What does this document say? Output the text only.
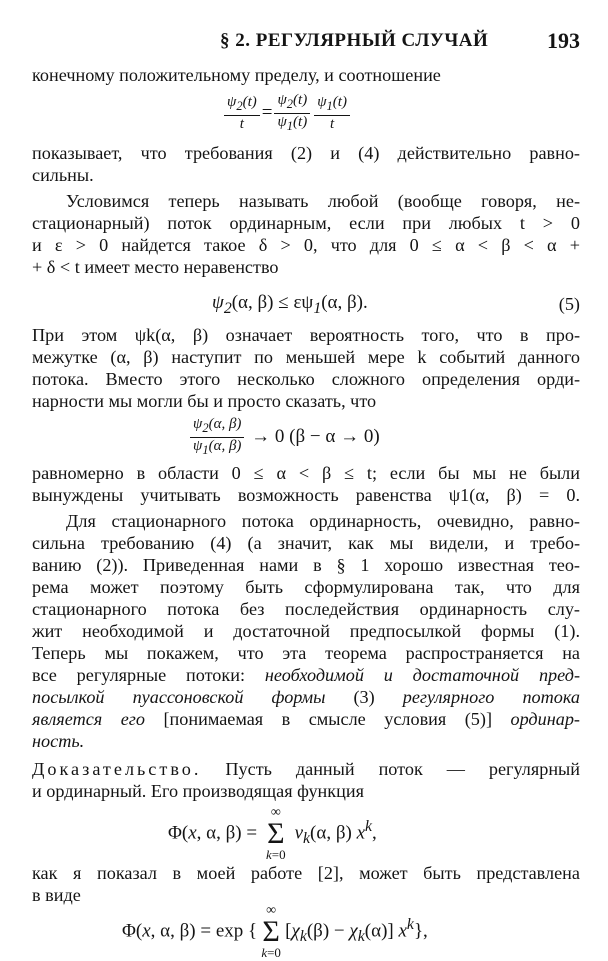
§ 2. РЕГУЛЯРНЫЙ СЛУЧАЙ	193
конечному положительному пределу, и соотношение
$\frac{\psi_2(t)}{t} = \frac{\psi_2(t)}{\psi_1(t)} \frac{\psi_1(t)}{t}$
показывает, что требования (2) и (4) действительно равно-
сильны.
Условимся теперь называть любой (вообще говоря, не-
стационарный) поток ординарным, если при любых t > 0
и ε > 0 найдется такое δ > 0, что для 0 ≤ α < β < α +
+ δ < t имеет место неравенство
$\psi_2(\alpha$, $\beta) \le \varepsilon\psi_1(\alpha$, β).	(5)
При этом ψk(α, β) означает вероятность того, что в про-
межутке (α, β) наступит по меньшей мере k событий данного
потока. Вместо этого несколько сложного определения орди-
нарности мы могли бы и просто сказать, что
$\frac{\psi_2(\alpha, \beta)}{\psi_1(\alpha, \beta)} \to 0$ (β − α → 0)
равномерно в области 0 ≤ α < β ≤ t; если бы мы не были
вынуждены учитывать возможность равенства ψ1(α, β) = 0.
Для стационарного потока ординарность, очевидно, равно-
сильна требованию (4) (а значит, как мы видели, и требо-
ванию (2)). Приведенная нами в § 1 хорошо известная тео-
рема может поэтому быть сформулирована так, что для
стационарного потока без последействия ординарность слу-
жит необходимой и достаточной предпосылкой формы (1).
Теперь мы покажем, что эта теорема распространяется на
все регулярные потоки: необходимой и достаточной пред-
посылкой пуассоновской формы (3) регулярного потока
является его [понимаемая в смысле условия (5)] ординар-
ность.
Доказательство. Пусть данный поток — регулярный
и ординарный. Его производящая функция
Φ(x, α, β) =
∞
Σ
k=0
$v_k(\alpha$, β) $x^k$,
как я показал в моей работе [2], может быть представлена
в виде
Φ(x, α, β) = exp {
∞
Σ
k=0
$[\chi_k(\beta) - \chi_k(\alpha)]$ $x^k$},
